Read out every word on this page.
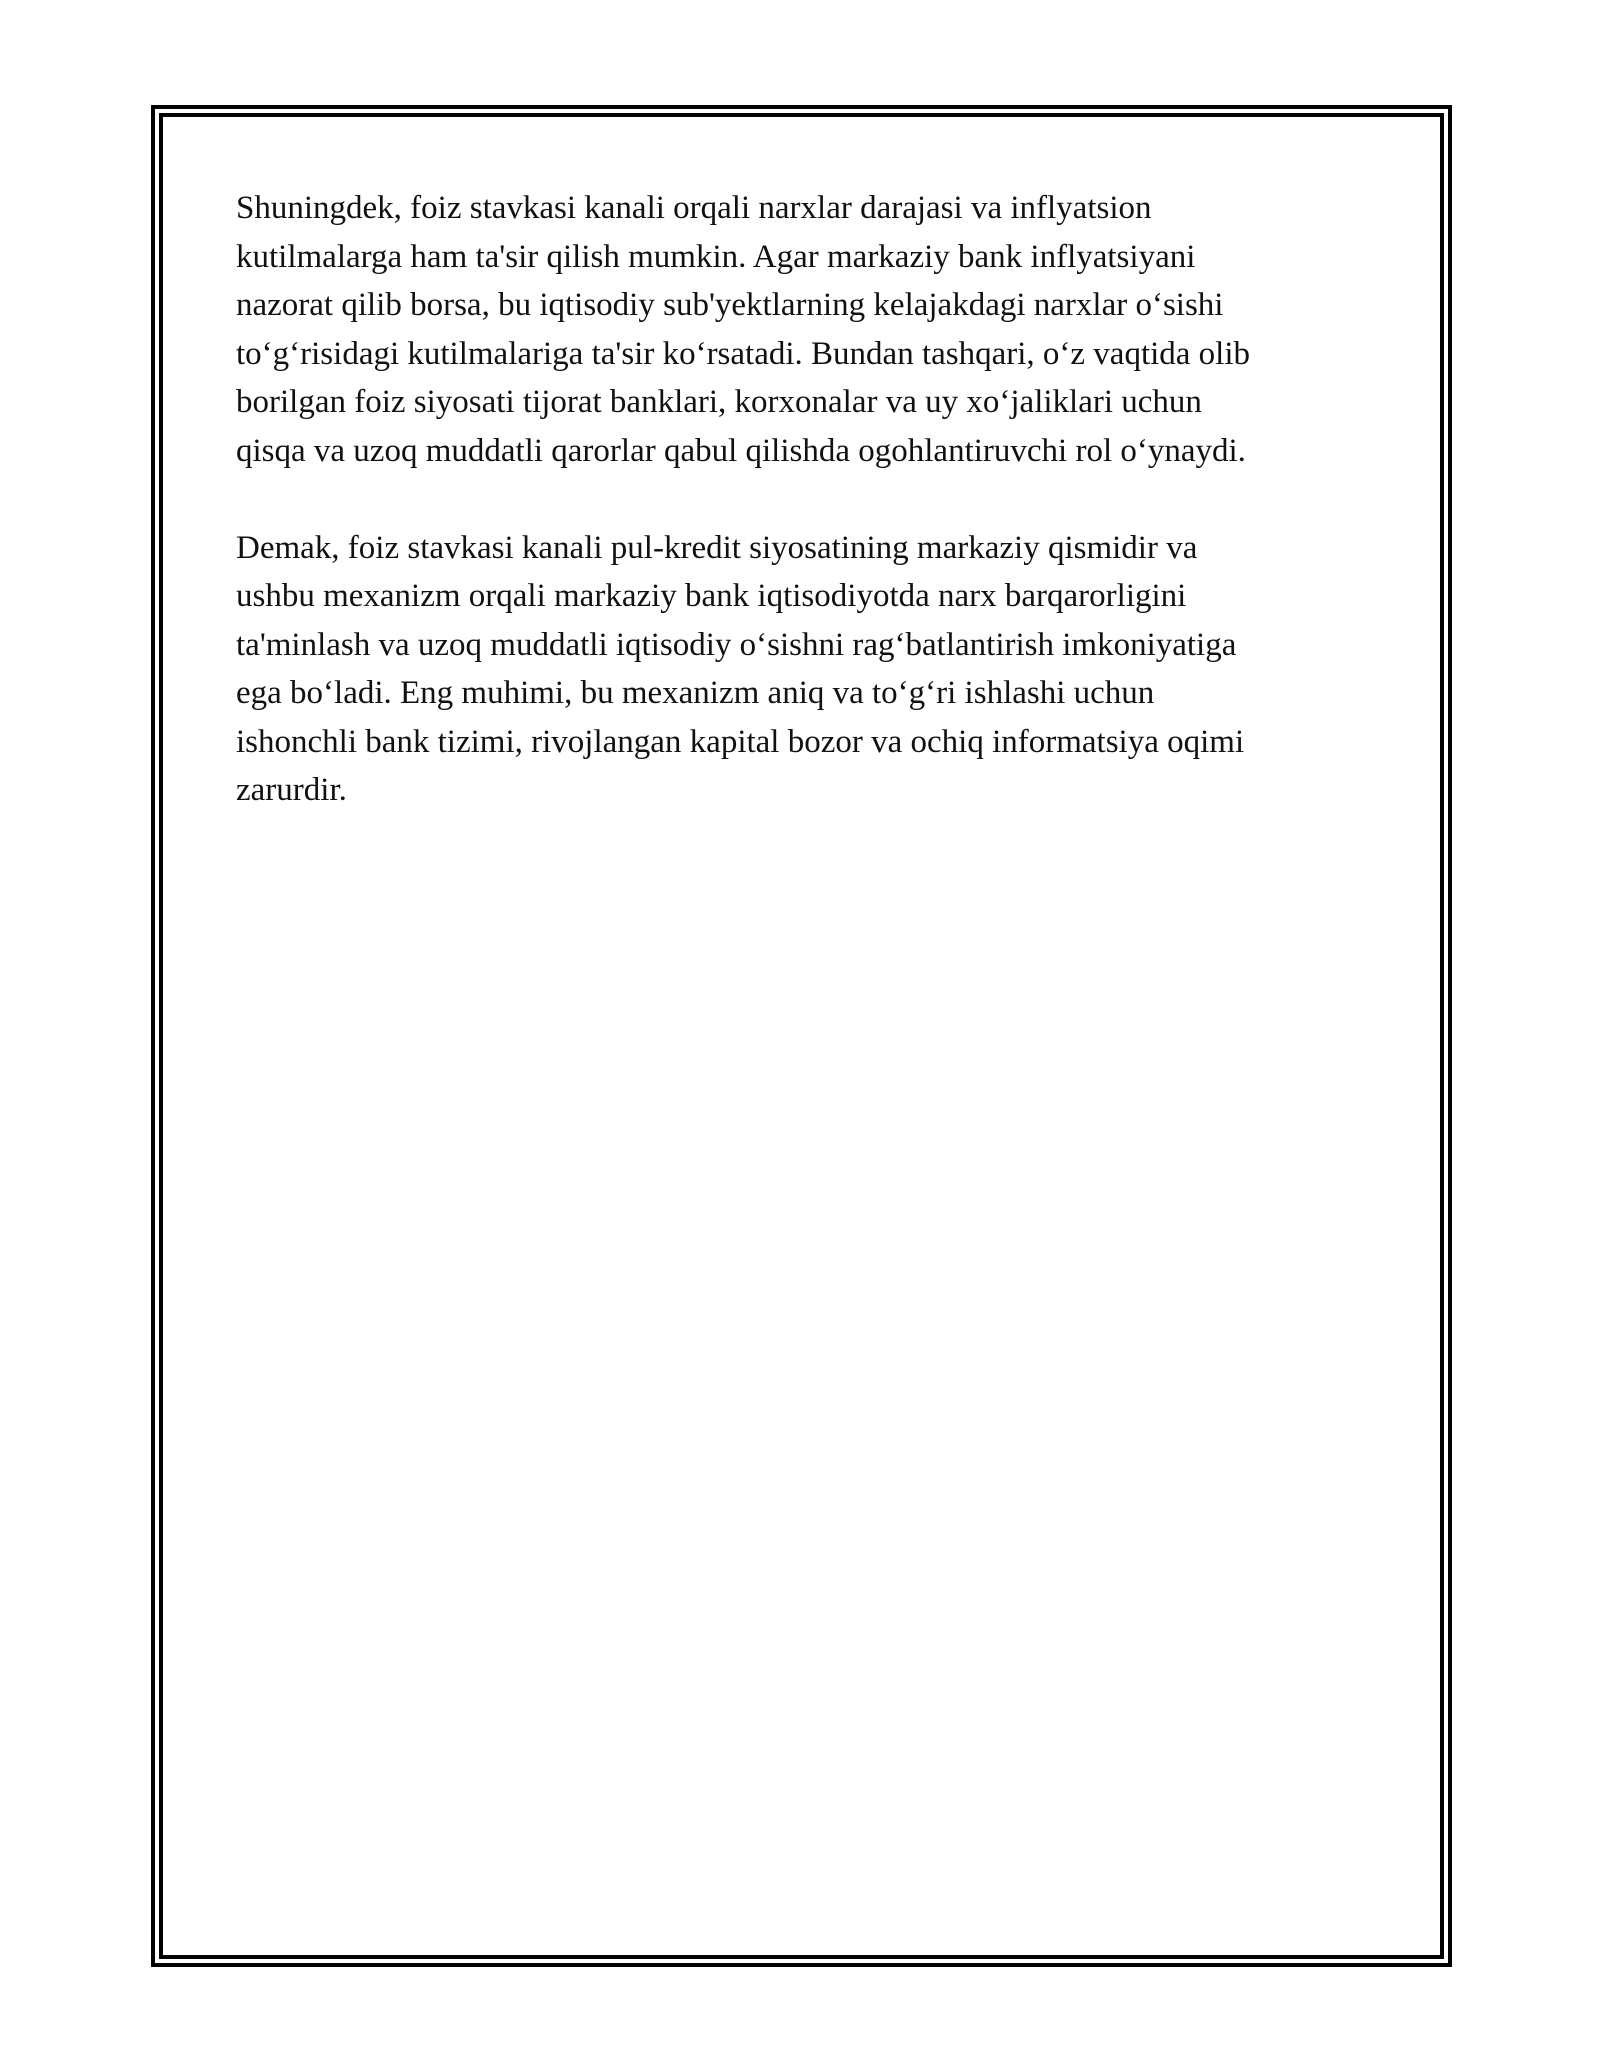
Shuningdek, foiz stavkasi kanali orqali narxlar darajasi va inflyatsion
kutilmalarga ham ta'sir qilish mumkin. Agar markaziy bank inflyatsiyani
nazorat qilib borsa, bu iqtisodiy sub'yektlarning kelajakdagi narxlar o‘sishi
to‘g‘risidagi kutilmalariga ta'sir ko‘rsatadi. Bundan tashqari, o‘z vaqtida olib
borilgan foiz siyosati tijorat banklari, korxonalar va uy xo‘jaliklari uchun
qisqa va uzoq muddatli qarorlar qabul qilishda ogohlantiruvchi rol o‘ynaydi.

Demak, foiz stavkasi kanali pul-kredit siyosatining markaziy qismidir va
ushbu mexanizm orqali markaziy bank iqtisodiyotda narx barqarorligini
ta'minlash va uzoq muddatli iqtisodiy o‘sishni rag‘batlantirish imkoniyatiga
ega bo‘ladi. Eng muhimi, bu mexanizm aniq va to‘g‘ri ishlashi uchun
ishonchli bank tizimi, rivojlangan kapital bozor va ochiq informatsiya oqimi
zarurdir.
